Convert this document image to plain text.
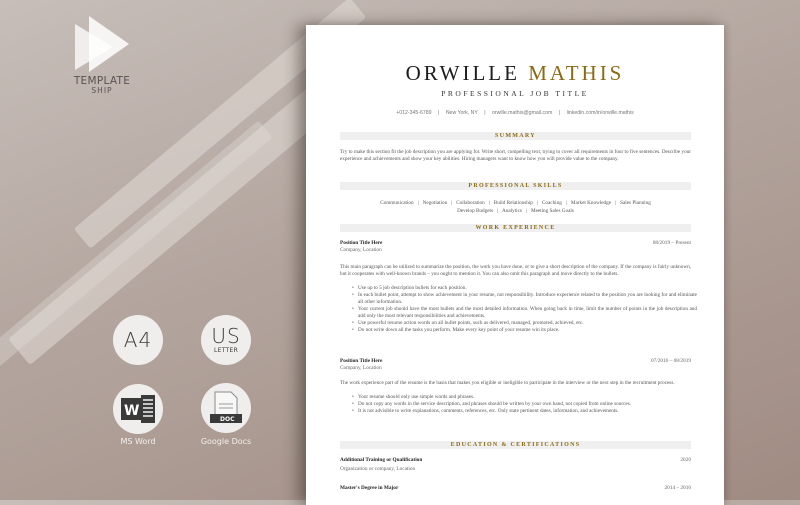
TEMPLATE
SHIP
A4	US
LETTER
W
MS Word
DOC
Google Docs
ORWILLE MATHIS
PROFESSIONAL JOB TITLE
+012-345-6789 | New York, NY | orwille.mathis@gmail.com | linkedin.com/in/orwille.mathis
SUMMARY
Try to make this section fit the job description you are applying for. Write short, compelling text, trying to cover all requirements in four to five sentences. Describe your experience and achievements and show your key abilities. Hiring managers want to know how you will provide value to the company.
PROFESSIONAL SKILLS
Communication | Negotiation | Collaboration | Build Relationship | Coaching | Market Knowledge | Sales Planning
Develop Budgets | Analytics | Meeting Sales Goals
WORK EXPERIENCE
Position Title Here	08/2019 – Present
Company, Location
This main paragraph can be utilized to summarize the position, the work you have done, or to give a short description of the company. If the company is fairly unknown, but it cooperates with well-known brands – you ought to mention it. You can also omit this paragraph and move directly to the bullets.
• Use up to 5 job description bullets for each position.
• In each bullet point, attempt to show achievement in your resume, not responsibility. Introduce experience related to the position you are looking for and eliminate all other information.
• Your current job should have the most bullets and the most detailed information. When going back in time, limit the number of points in the job description and add only the most relevant responsibilities and achievements.
• Use powerful resume action words on all bullet points, such as delivered, managed, promoted, achieved, etc.
• Do not write down all the tasks you perform. Make every key point of your resume win its place.
Position Title Here	07/2016 – 08/2019
Company, Location
The work experience part of the resume is the basis that makes you eligible or ineligible to participate in the interview or the next step in the recruitment process.
• Your resume should only use simple words and phrases.
• Do not copy any words in the service description, and phrases should be written by your own hand, not copied from online sources.
• It is not advisible to write explanations, comments, references, etc. Only state pertinent dates, information, and achievements.
EDUCATION & CERTIFICATIONS
Additional Training or Qualification	2020
Organization or company, Location
Master's Degree in Major	2014 – 2016
